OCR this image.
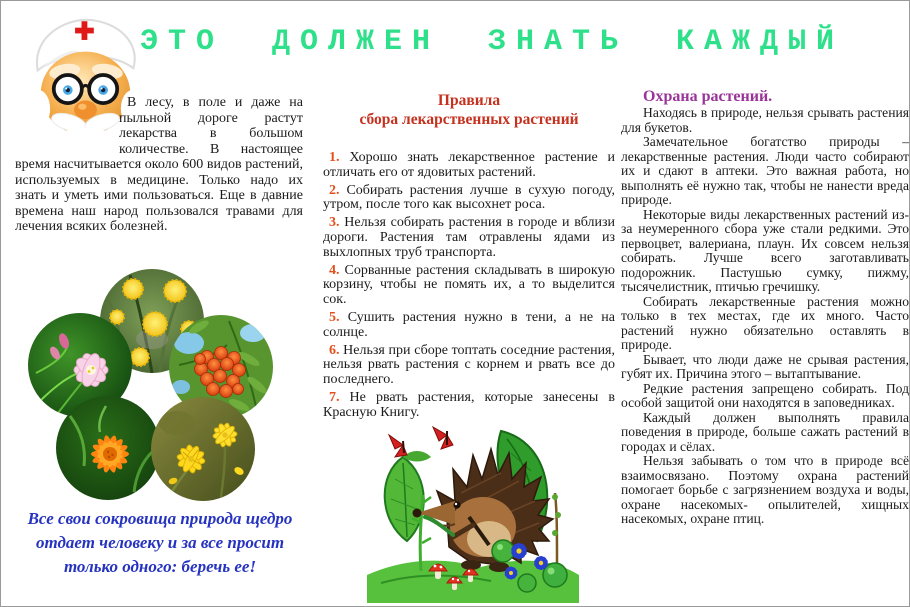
ЭТО ДОЛЖЕН ЗНАТЬ КАЖДЫЙ

В лесу, в поле и даже на пыльной дороге растут лекарства в большом количестве. В настоящее время насчитывается около 600 видов растений, используемых в медицине. Только надо их знать и уметь ими пользоваться. Еще в давние времена наш народ пользовался травами для лечения всяких болезней.

Все свои сокровища природа щедро отдает человеку и за все просит только одного: беречь ее!

Правила
сбора лекарственных растений

1. Хорошо знать лекарственное растение и отличать его от ядовитых растений.

2. Собирать растения лучше в сухую погоду, утром, после того как высохнет роса.

3. Нельзя собирать растения в городе и вблизи дороги. Растения там отравлены ядами из выхлопных труб транспорта.

4. Сорванные растения складывать в широкую корзину, чтобы не помять их, а то выделится сок.

5. Сушить растения нужно в тени, а не на солнце.

6. Нельзя при сборе топтать соседние растения, нельзя рвать растения с корнем и рвать все до последнего.

7. Не рвать растения, которые занесены в Красную Книгу.

Охрана растений.

Находясь в природе, нельзя срывать растения для букетов.

Замечательное богатство природы – лекарственные растения. Люди часто собирают их и сдают в аптеки. Это важная работа, но выполнять её нужно так, чтобы не нанести вреда природе.

Некоторые виды лекарственных растений из-за неумеренного сбора уже стали редкими. Это первоцвет, валериана, плаун. Их совсем нельзя собирать. Лучше всего заготавливать подорожник. Пастушью сумку, пижму, тысячелистник, птичью гречишку.

Собирать лекарственные растения можно только в тех местах, где их много. Часто растений нужно обязательно оставлять в природе.

Бывает, что люди даже не срывая растения, губят их. Причина этого – вытаптывание.

Редкие растения запрещено собирать. Под особой защитой они находятся в заповедниках.

Каждый должен выполнять правила поведения в природе, больше сажать растений в городах и сёлах.

Нельзя забывать о том что в природе всё взаимосвязано. Поэтому охрана растений помогает борьбе с загрязнением воздуха и воды, охране насекомых- опылителей, хищных насекомых, охране птиц.
